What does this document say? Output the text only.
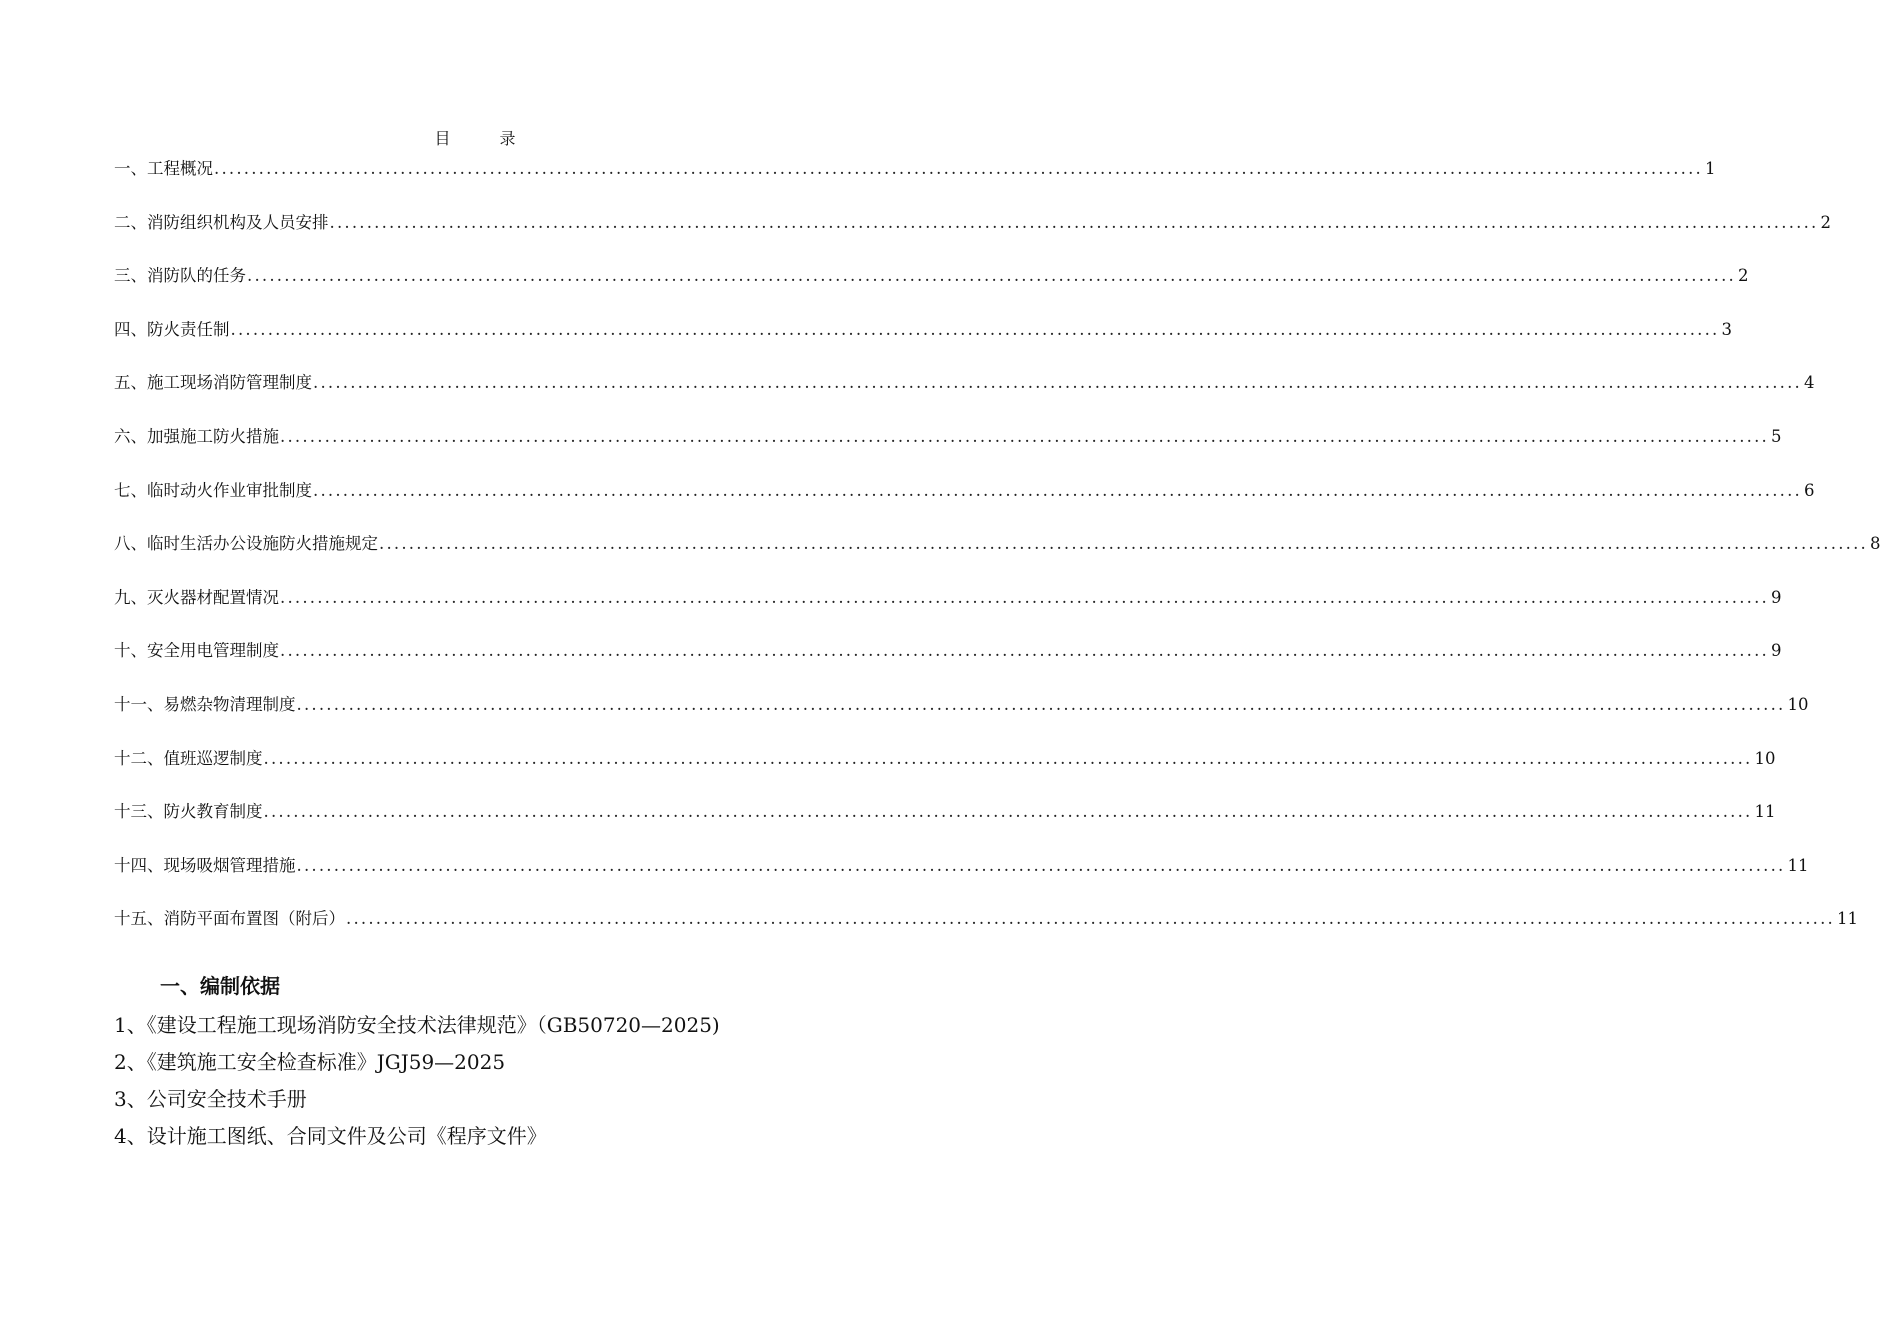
目 录
一、工程概况 ........................................................................................................................................................................................................ 1
二、消防组织机构及人员安排 ........................................................................................................................................................................................................ 2
三、消防队的任务 ........................................................................................................................................................................................................ 2
四、防火责任制 ........................................................................................................................................................................................................ 3
五、施工现场消防管理制度 ........................................................................................................................................................................................................ 4
六、加强施工防火措施 ........................................................................................................................................................................................................ 5
七、临时动火作业审批制度 ........................................................................................................................................................................................................ 6
八、临时生活办公设施防火措施规定 ........................................................................................................................................................................................................ 8
九、灭火器材配置情况 ........................................................................................................................................................................................................ 9
十、安全用电管理制度 ........................................................................................................................................................................................................ 9
十一、易燃杂物清理制度 ........................................................................................................................................................................................................ 10
十二、值班巡逻制度 ........................................................................................................................................................................................................ 10
十三、防火教育制度 ........................................................................................................................................................................................................ 11
十四、现场吸烟管理措施 ........................................................................................................................................................................................................ 11
十五、消防平面布置图（附后） ........................................................................................................................................................................................................ 11
一、编制依据
1、《建设工程施工现场消防安全技术法律规范》（GB50720—2025)
2、《建筑施工安全检查标准》JGJ59—2025
3、公司安全技术手册
4、设计施工图纸、合同文件及公司《程序文件》
